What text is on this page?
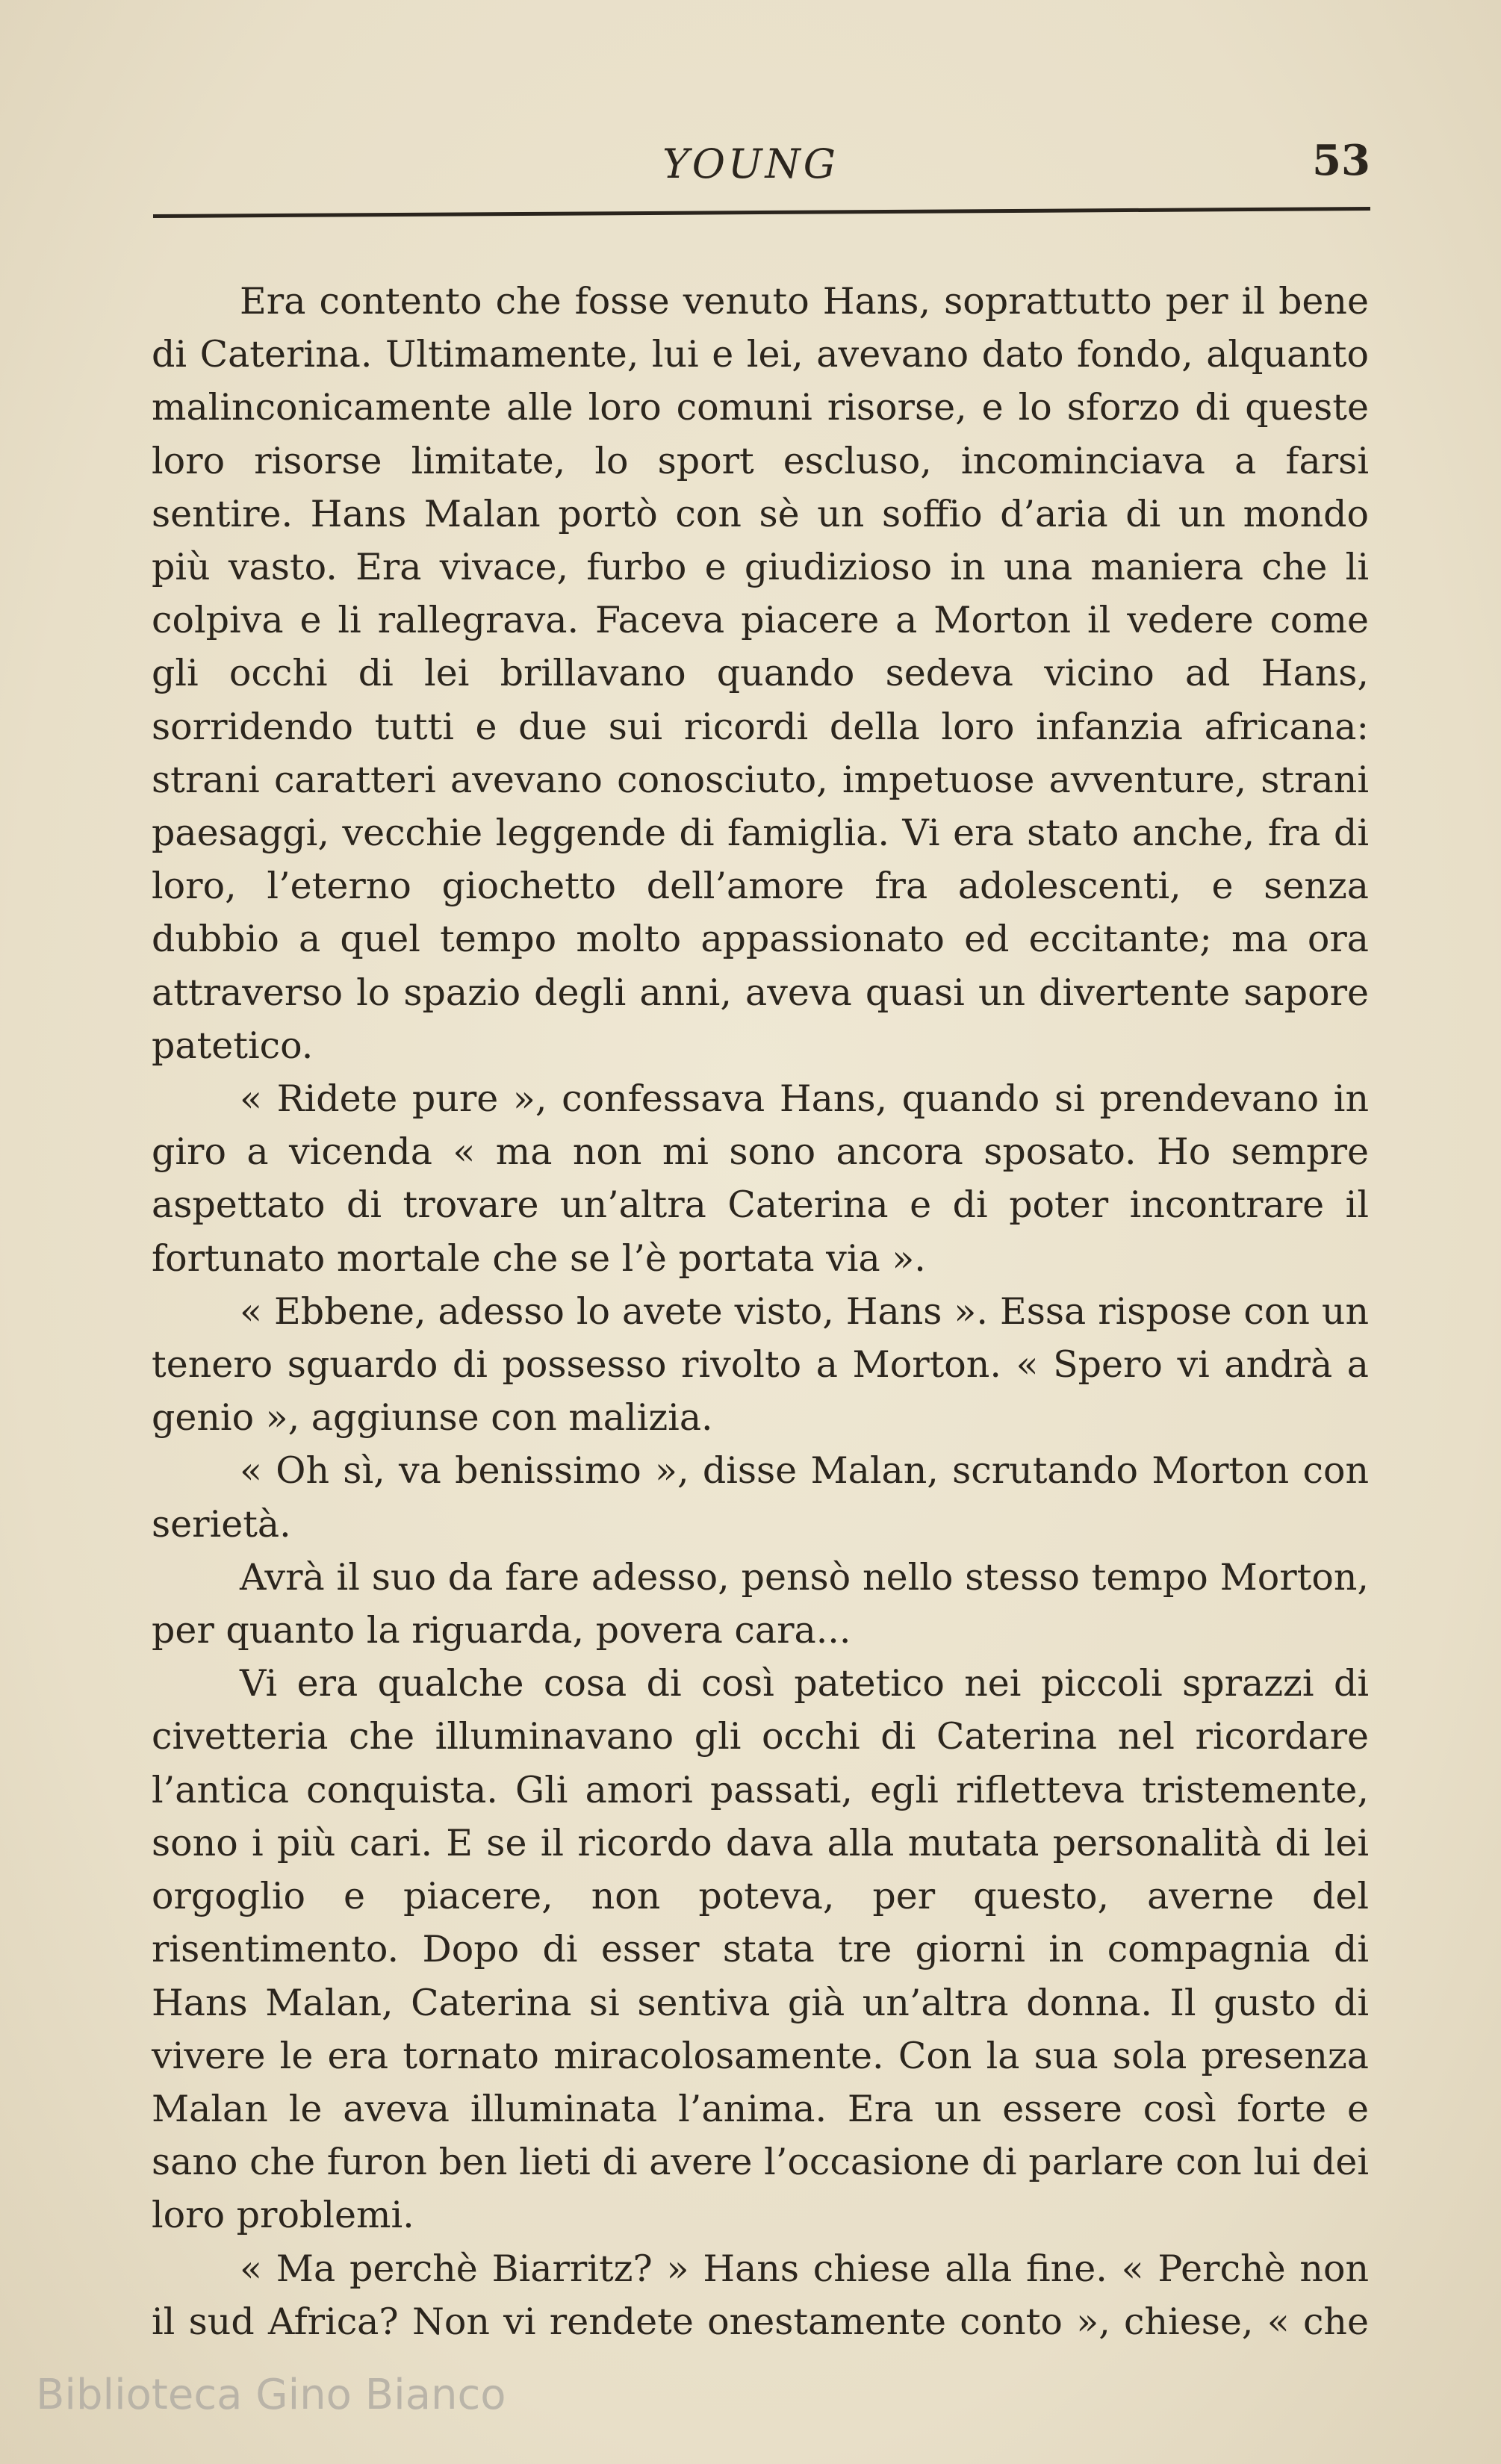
YOUNG	53

Era contento che fosse venuto Hans, soprattutto per il bene di Caterina. Ultimamente, lui e lei, avevano dato fondo, alquanto malinconicamente alle loro comuni risorse, e lo sforzo di queste loro risorse limitate, lo sport escluso, incominciava a farsi sentire. Hans Malan portò con sè un soffio d’aria di un mondo più vasto. Era vivace, furbo e giudizioso in una maniera che li colpiva e li rallegrava. Faceva piacere a Morton il vedere come gli occhi di lei brillavano quando sedeva vicino ad Hans, sorridendo tutti e due sui ricordi della loro infanzia africana: strani caratteri avevano conosciuto, impetuose avventure, strani paesaggi, vecchie leggende di famiglia. Vi era stato anche, fra di loro, l’eterno giochetto dell’amore fra adolescenti, e senza dubbio a quel tempo molto appassionato ed eccitante; ma ora attraverso lo spazio degli anni, aveva quasi un divertente sapore patetico.

« Ridete pure », confessava Hans, quando si prendevano in giro a vicenda « ma non mi sono ancora sposato. Ho sempre aspettato di trovare un’altra Caterina e di poter incontrare il fortunato mortale che se l’è portata via ».

« Ebbene, adesso lo avete visto, Hans ». Essa rispose con un tenero sguardo di possesso rivolto a Morton. « Spero vi andrà a genio », aggiunse con malizia.

« Oh sì, va benissimo », disse Malan, scrutando Morton con serietà.

Avrà il suo da fare adesso, pensò nello stesso tempo Morton, per quanto la riguarda, povera cara...

Vi era qualche cosa di così patetico nei piccoli sprazzi di civetteria che illuminavano gli occhi di Caterina nel ricordare l’antica conquista. Gli amori passati, egli rifletteva tristemente, sono i più cari. E se il ricordo dava alla mutata personalità di lei orgoglio e piacere, non poteva, per questo, averne del risentimento. Dopo di esser stata tre giorni in compagnia di Hans Malan, Caterina si sentiva già un’altra donna. Il gusto di vivere le era tornato miracolosamente. Con la sua sola presenza Malan le aveva illuminata l’anima. Era un essere così forte e sano che furon ben lieti di avere l’occasione di parlare con lui dei loro problemi.

« Ma perchè Biarritz? » Hans chiese alla fine. « Perchè non il sud Africa? Non vi rendete onestamente conto », chiese, « che

Biblioteca Gino Bianco
